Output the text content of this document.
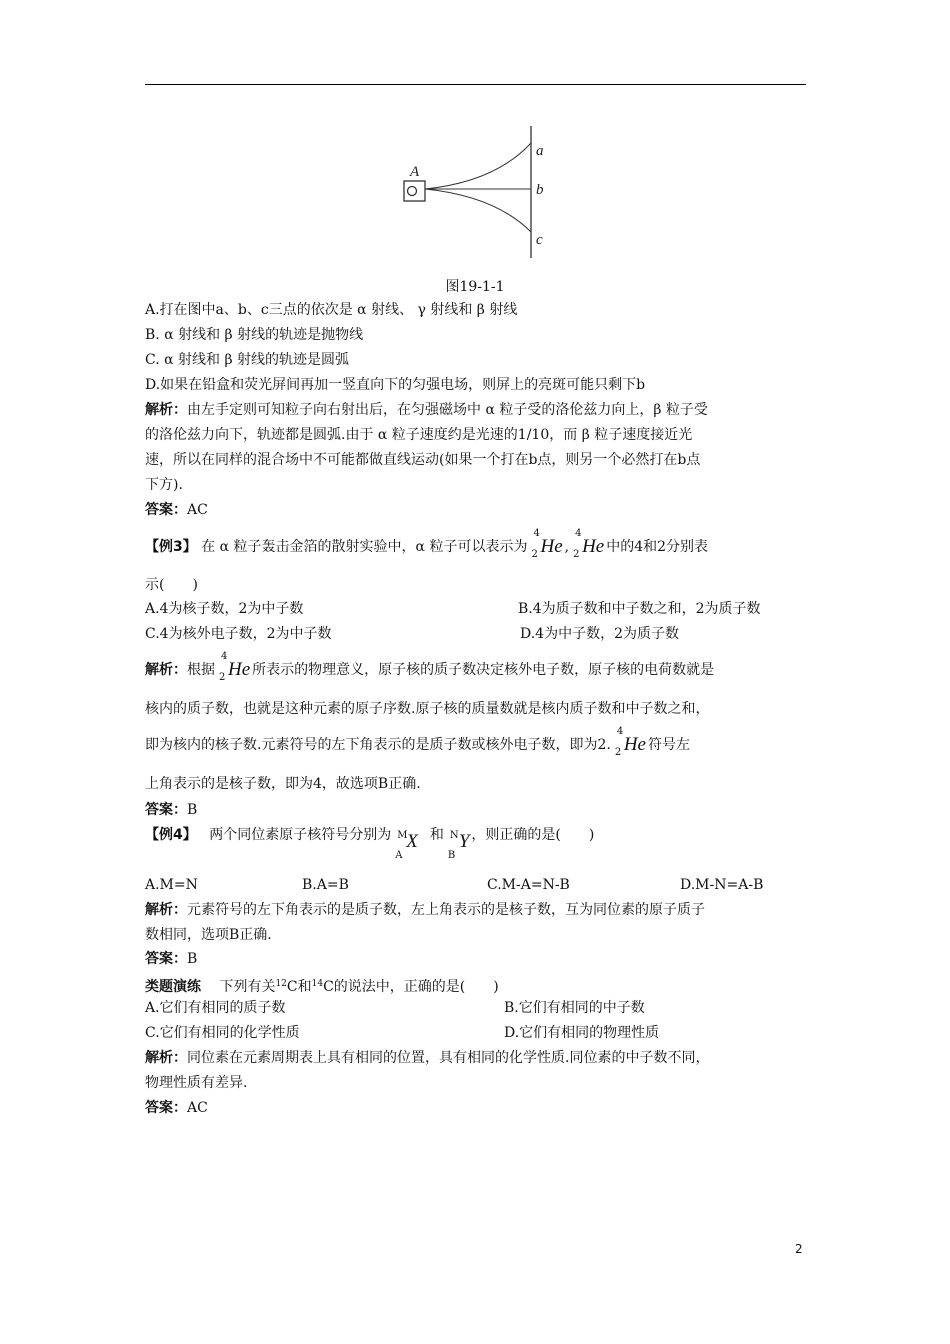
A
a
b
c
图19-1-1
A.打在图中a、b、c三点的依次是 α 射线、 γ 射线和 β 射线
B. α 射线和 β 射线的轨迹是抛物线
C. α 射线和 β 射线的轨迹是圆弧
D.如果在铅盒和荧光屏间再加一竖直向下的匀强电场，则屏上的亮斑可能只剩下b
解析：由左手定则可知粒子向右射出后，在匀强磁场中 α 粒子受的洛伦兹力向上，β 粒子受
的洛伦兹力向下，轨迹都是圆弧.由于 α 粒子速度约是光速的1/10，而 β 粒子速度接近光
速，所以在同样的混合场中不可能都做直线运动(如果一个打在b点，则另一个必然打在b点
下方).
答案：AC
【例3】 在 α 粒子轰击金箔的散射实验中，α 粒子可以表示为
4
2 He ,
4
2 He 中的4和2分别表
示(　　)
A.4为核子数，2为中子数	B.4为质子数和中子数之和，2为质子数
C.4为核外电子数，2为中子数	D.4为中子数，2为质子数
解析：根据
4
2 He 所表示的物理意义，原子核的质子数决定核外电子数，原子核的电荷数就是
核内的质子数，也就是这种元素的原子序数.原子核的质量数就是核内质子数和中子数之和，
即为核内的核子数.元素符号的左下角表示的是质子数或核外电子数，即为2.
4
2 He 符号左
上角表示的是核子数，即为4，故选项B正确.
答案：B
【例4】 两个同位素原子核符号分别为 M
A
X 和 N
B
Y ，则正确的是(　　)
A.M=N	B.A=B	C.M-A=N-B	D.M-N=A-B
解析：元素符号的左下角表示的是质子数，左上角表示的是核子数，互为同位素的原子质子
数相同，选项B正确.
答案：B
类题演练 下列有关$^{12}$C和$^{14}$C的说法中，正确的是(　　)
A.它们有相同的质子数	B.它们有相同的中子数
C.它们有相同的化学性质	D.它们有相同的物理性质
解析：同位素在元素周期表上具有相同的位置，具有相同的化学性质.同位素的中子数不同，
物理性质有差异.
答案：AC
2
